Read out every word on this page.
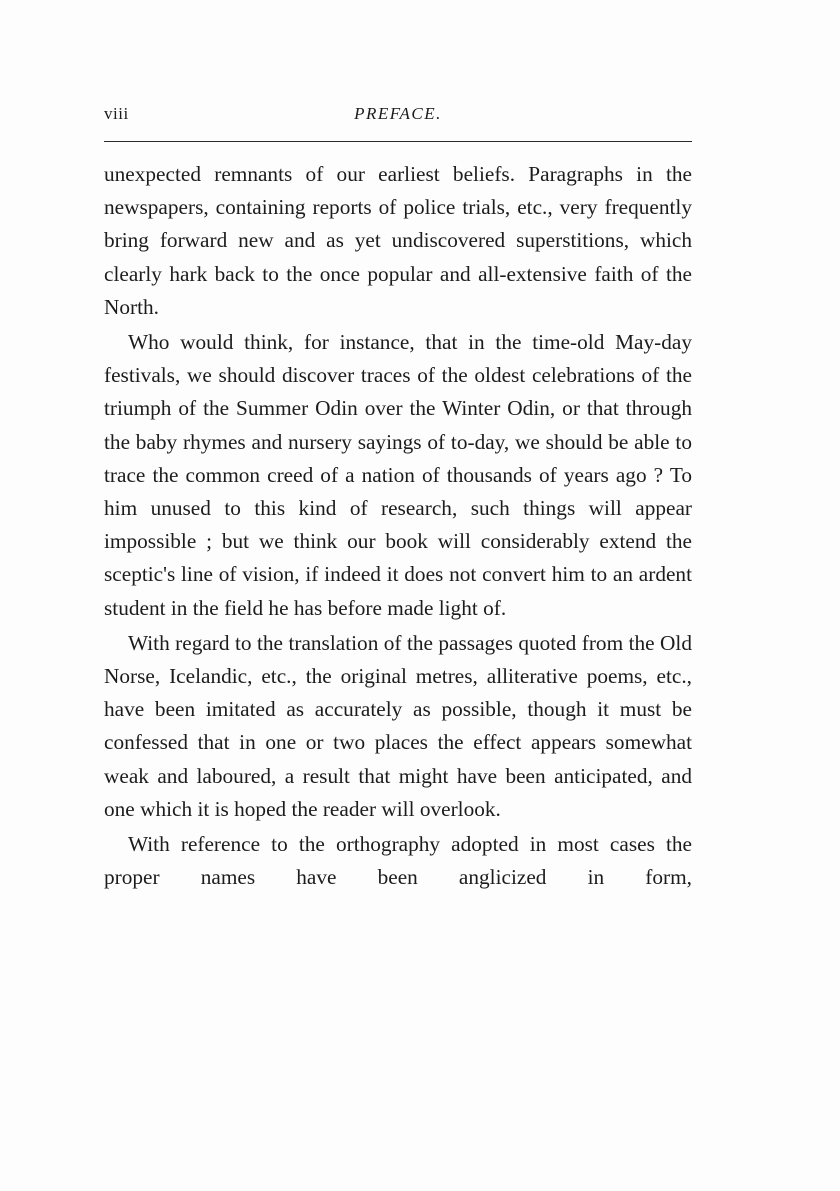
viii	PREFACE.

unexpected remnants of our earliest beliefs. Paragraphs in the newspapers, containing reports of police trials, etc., very frequently bring forward new and as yet undiscovered superstitions, which clearly hark back to the once popular and all-extensive faith of the North.

Who would think, for instance, that in the time-old May-day festivals, we should discover traces of the oldest celebrations of the triumph of the Summer Odin over the Winter Odin, or that through the baby rhymes and nursery sayings of to-day, we should be able to trace the common creed of a nation of thousands of years ago ? To him unused to this kind of research, such things will appear impossible ; but we think our book will considerably extend the sceptic's line of vision, if indeed it does not convert him to an ardent student in the field he has before made light of.

With regard to the translation of the passages quoted from the Old Norse, Icelandic, etc., the original metres, alliterative poems, etc., have been imitated as accurately as possible, though it must be confessed that in one or two places the effect appears somewhat weak and laboured, a result that might have been anticipated, and one which it is hoped the reader will overlook.

With reference to the orthography adopted in most cases the proper names have been anglicized in form,
